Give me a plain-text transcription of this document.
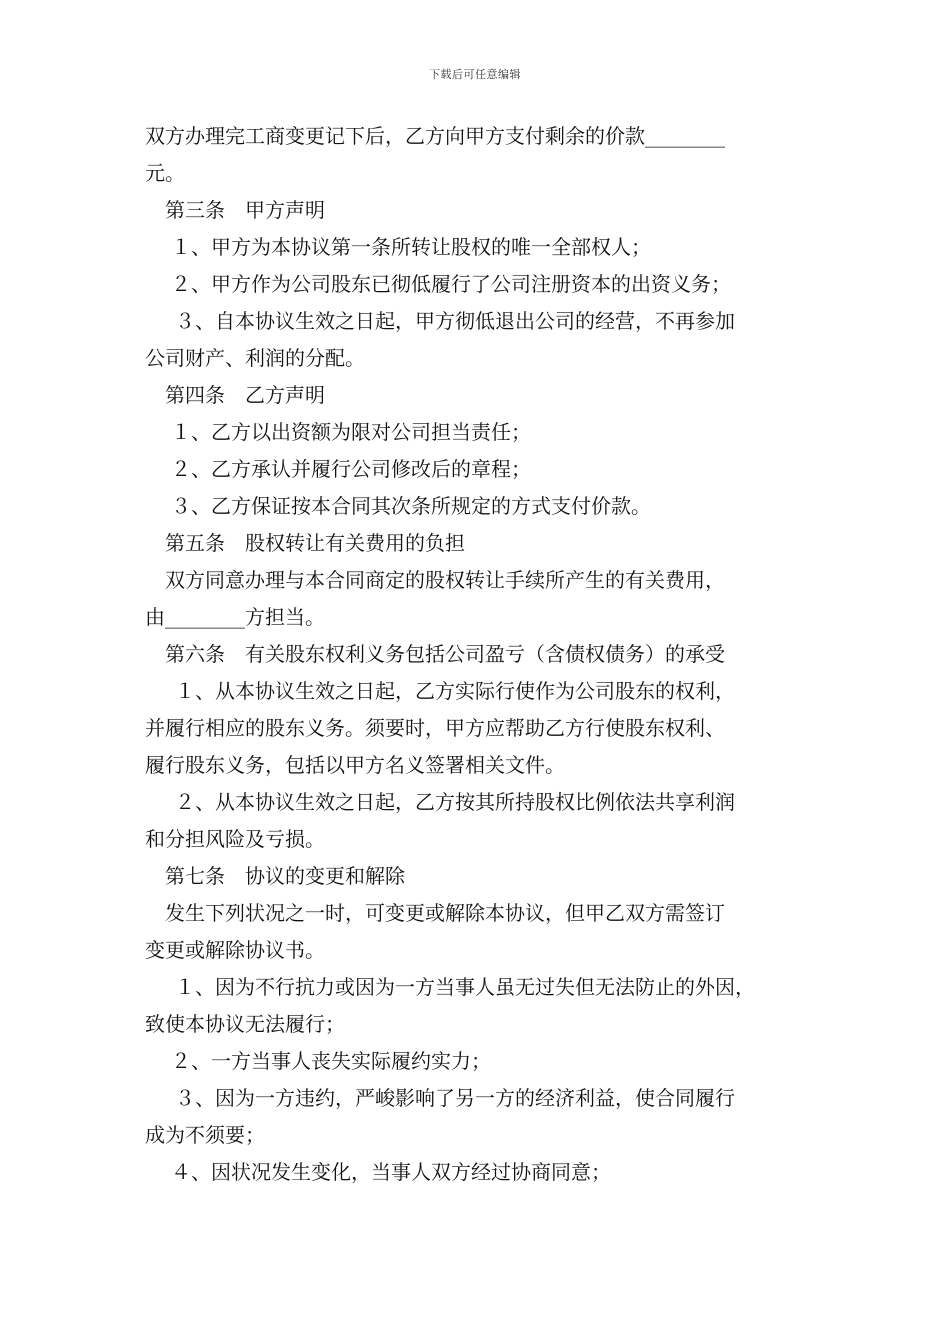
下载后可任意编辑
双方办理完工商变更记下后，乙方向甲方支付剩余的价款________
元。
第三条　甲方声明
１、甲方为本协议第一条所转让股权的唯一全部权人；
２、甲方作为公司股东已彻低履行了公司注册资本的出资义务；
３、自本协议生效之日起，甲方彻低退出公司的经营，不再参加
公司财产、利润的分配。
第四条　乙方声明
１、乙方以出资额为限对公司担当责任；
２、乙方承认并履行公司修改后的章程；
３、乙方保证按本合同其次条所规定的方式支付价款。
第五条　股权转让有关费用的负担
双方同意办理与本合同商定的股权转让手续所产生的有关费用，
由________方担当。
第六条　有关股东权利义务包括公司盈亏（含债权债务）的承受
１、从本协议生效之日起，乙方实际行使作为公司股东的权利，
并履行相应的股东义务。须要时，甲方应帮助乙方行使股东权利、
履行股东义务，包括以甲方名义签署相关文件。
２、从本协议生效之日起，乙方按其所持股权比例依法共享利润
和分担风险及亏损。
第七条　协议的变更和解除
发生下列状况之一时，可变更或解除本协议，但甲乙双方需签订
变更或解除协议书。
１、因为不行抗力或因为一方当事人虽无过失但无法防止的外因，
致使本协议无法履行；
２、一方当事人丧失实际履约实力；
３、因为一方违约，严峻影响了另一方的经济利益，使合同履行
成为不须要；
４、因状况发生变化，当事人双方经过协商同意；
